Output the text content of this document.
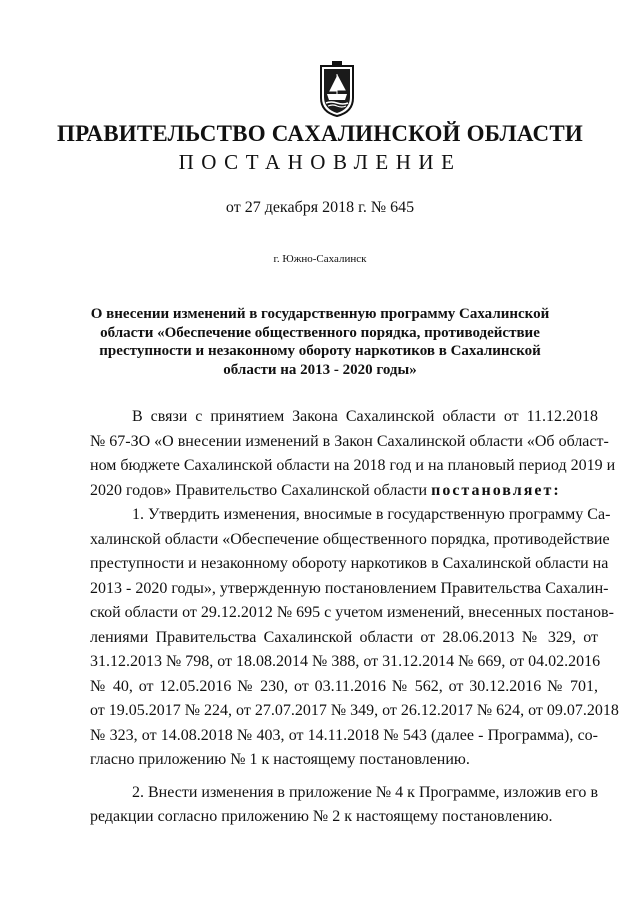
ПРАВИТЕЛЬСТВО САХАЛИНСКОЙ ОБЛАСТИ
ПОСТАНОВЛЕНИЕ
от 27 декабря 2018 г. № 645
г. Южно-Сахалинск
О внесении изменений в государственную программу Сахалинской
области «Обеспечение общественного порядка, противодействие
преступности и незаконному обороту наркотиков в Сахалинской
области на 2013 - 2020 годы»
В связи с принятием Закона Сахалинской области от 11.12.2018
№ 67-ЗО «О внесении изменений в Закон Сахалинской области «Об област-
ном бюджете Сахалинской области на 2018 год и на плановый период 2019 и
2020 годов» Правительство Сахалинской области постановляет:
1. Утвердить изменения, вносимые в государственную программу Са-
халинской области «Обеспечение общественного порядка, противодействие
преступности и незаконному обороту наркотиков в Сахалинской области на
2013 - 2020 годы», утвержденную постановлением Правительства Сахалин-
ской области от 29.12.2012 № 695 с учетом изменений, внесенных постанов-
лениями Правительства Сахалинской области от 28.06.2013 № 329, от
31.12.2013 № 798, от 18.08.2014 № 388, от 31.12.2014 № 669, от 04.02.2016
№ 40, от 12.05.2016 № 230, от 03.11.2016 № 562, от 30.12.2016 № 701,
от 19.05.2017 № 224, от 27.07.2017 № 349, от 26.12.2017 № 624, от 09.07.2018
№ 323, от 14.08.2018 № 403, от 14.11.2018 № 543 (далее - Программа), со-
гласно приложению № 1 к настоящему постановлению.
2. Внести изменения в приложение № 4 к Программе, изложив его в
редакции согласно приложению № 2 к настоящему постановлению.
